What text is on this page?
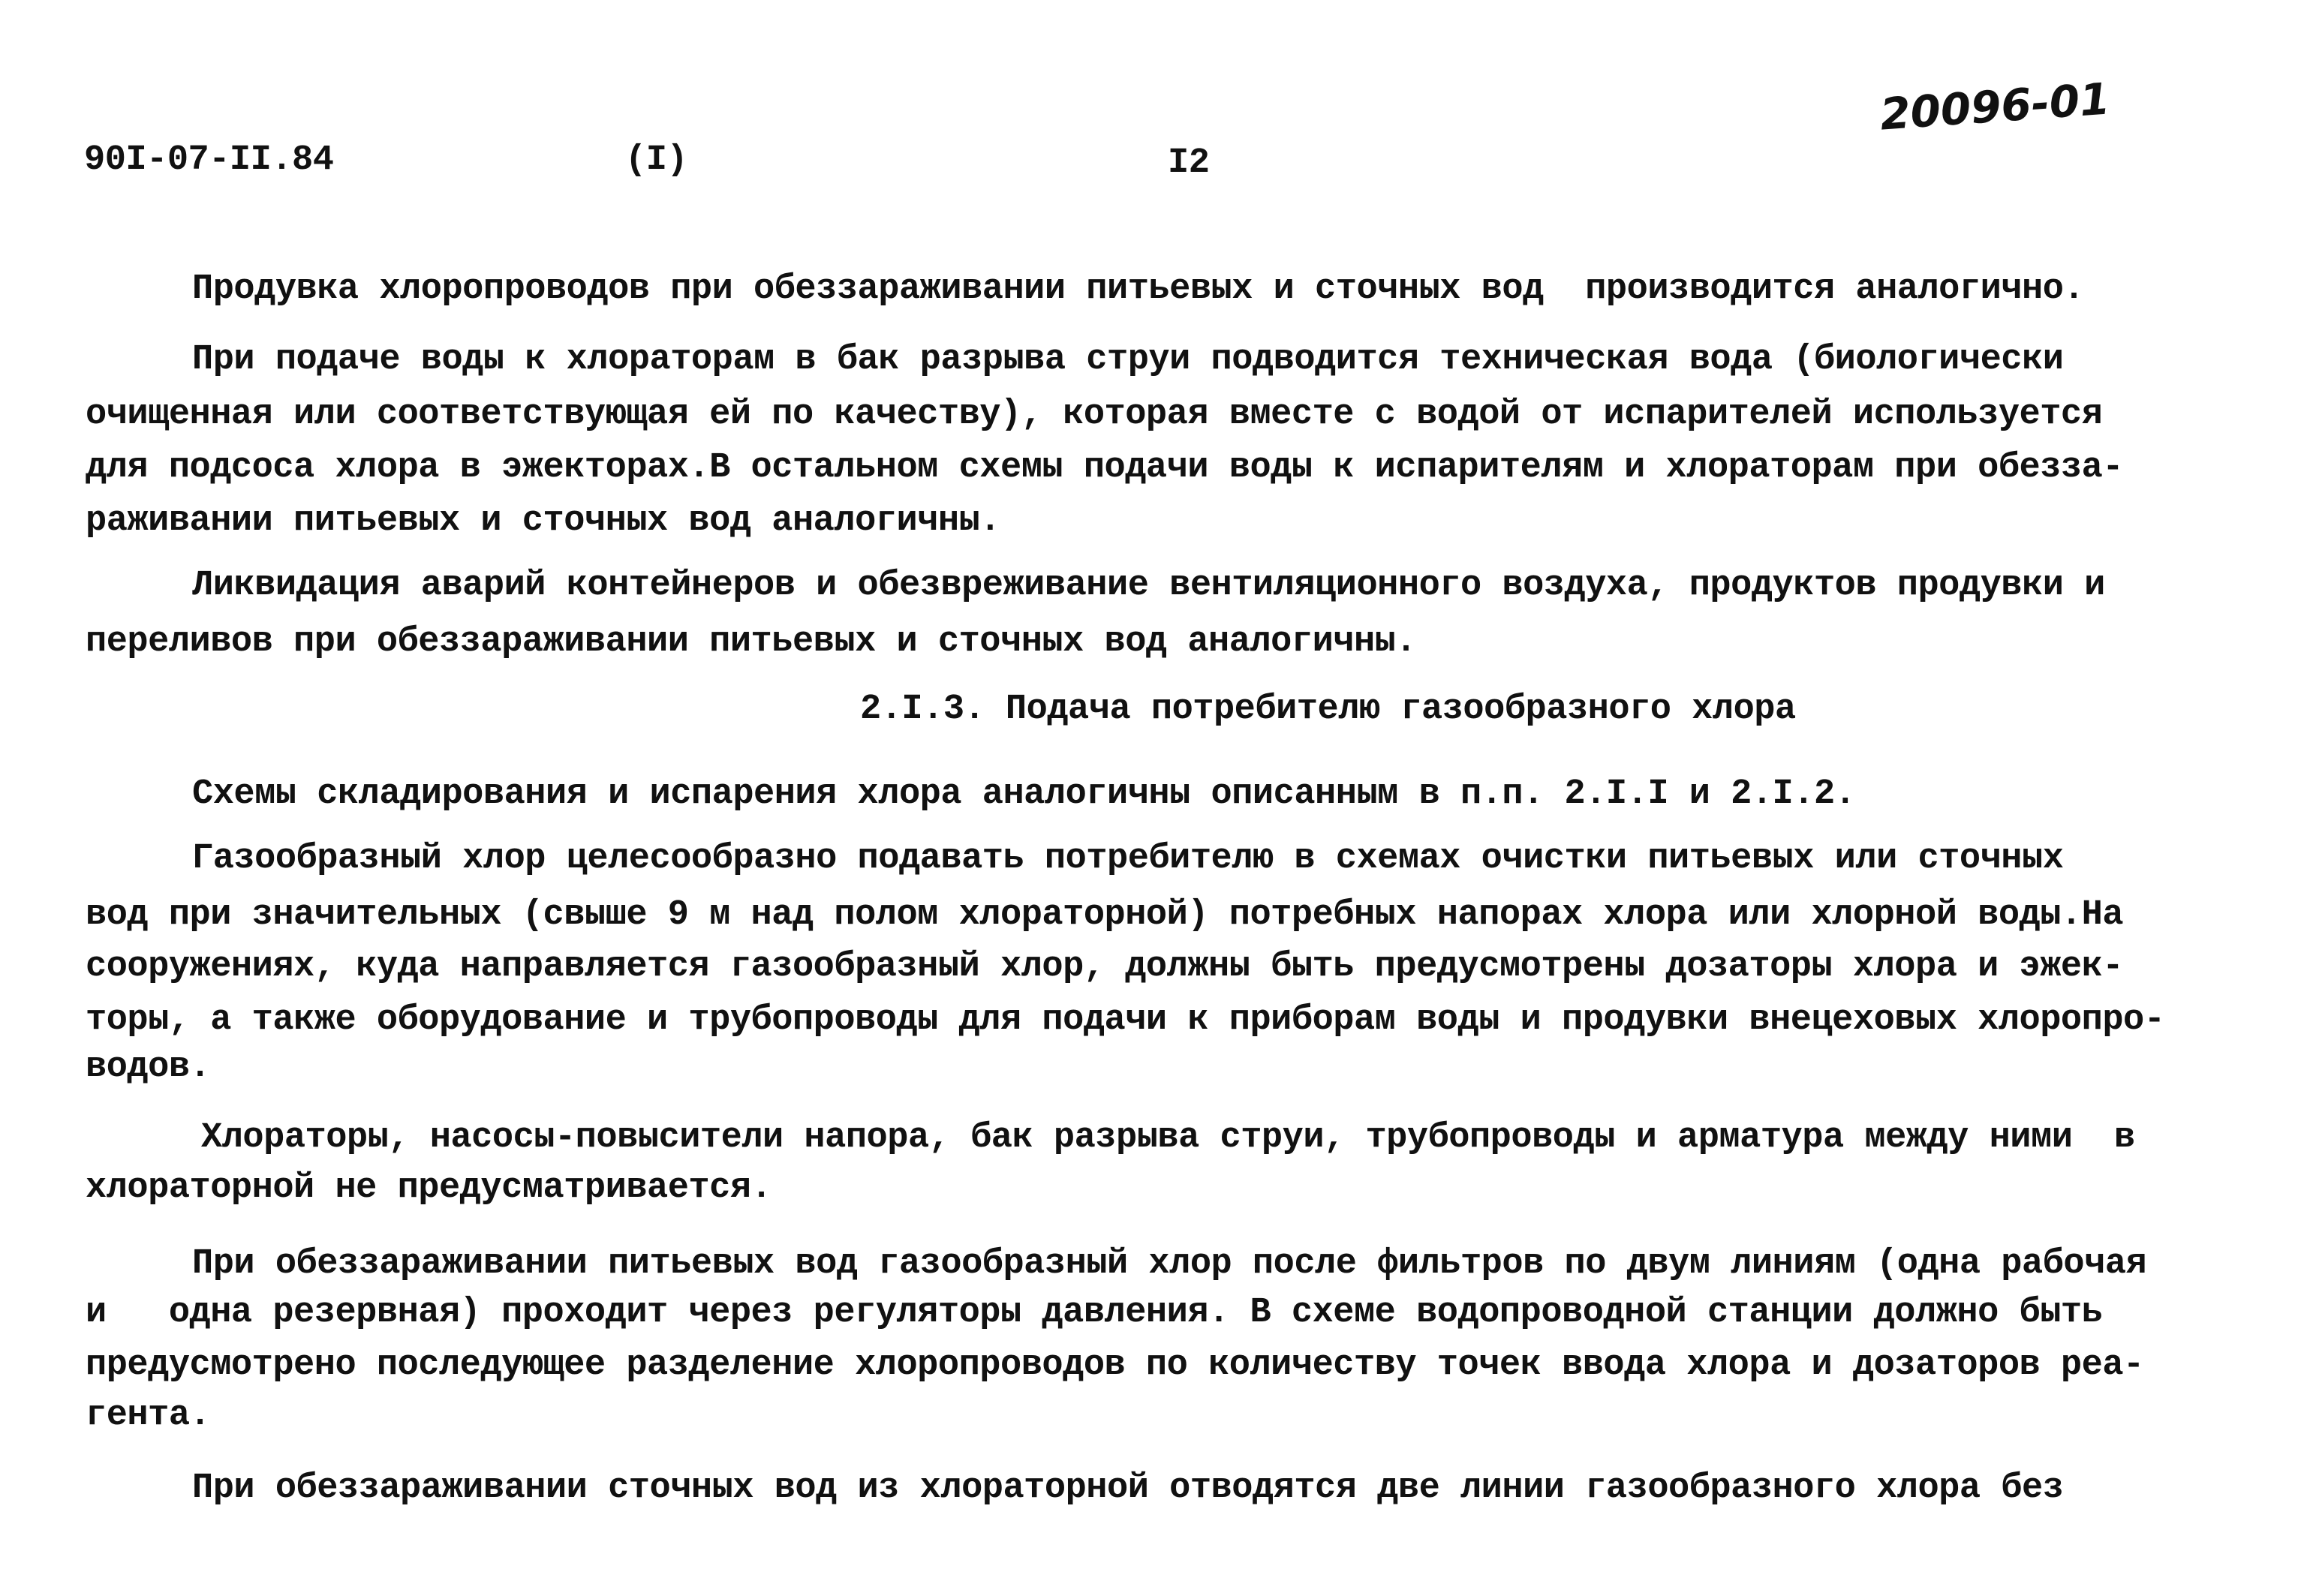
90I-07-II.84	(I)	I2
20096-01
2.I.3. Подача потребителю газообразного хлора
Продувка хлоропроводов при обеззараживании питьевых и сточных вод  производится аналогично.
При подаче воды к хлораторам в бак разрыва струи подводится техническая вода (биологически
очищенная или соответствующая ей по качеству), которая вместе с водой от испарителей используется
для подсоса хлора в эжекторах.В остальном схемы подачи воды к испарителям и хлораторам при обезза-
раживании питьевых и сточных вод аналогичны.
Ликвидация аварий контейнеров и обезвреживание вентиляционного воздуха, продуктов продувки и
переливов при обеззараживании питьевых и сточных вод аналогичны.
Схемы складирования и испарения хлора аналогичны описанным в п.п. 2.I.I и 2.I.2.
Газообразный хлор целесообразно подавать потребителю в схемах очистки питьевых или сточных
вод при значительных (свыше 9 м над полом хлораторной) потребных напорах хлора или хлорной воды.На
сооружениях, куда направляется газообразный хлор, должны быть предусмотрены дозаторы хлора и эжек-
торы, а также оборудование и трубопроводы для подачи к приборам воды и продувки внецеховых хлоропро-
водов.
Хлораторы, насосы-повысители напора, бак разрыва струи, трубопроводы и арматура между ними  в
хлораторной не предусматривается.
При обеззараживании питьевых вод газообразный хлор после фильтров по двум линиям (одна рабочая
и   одна резервная) проходит через регуляторы давления. В схеме водопроводной станции должно быть
предусмотрено последующее разделение хлоропроводов по количеству точек ввода хлора и дозаторов реа-
гента.
При обеззараживании сточных вод из хлораторной отводятся две линии газообразного хлора без
